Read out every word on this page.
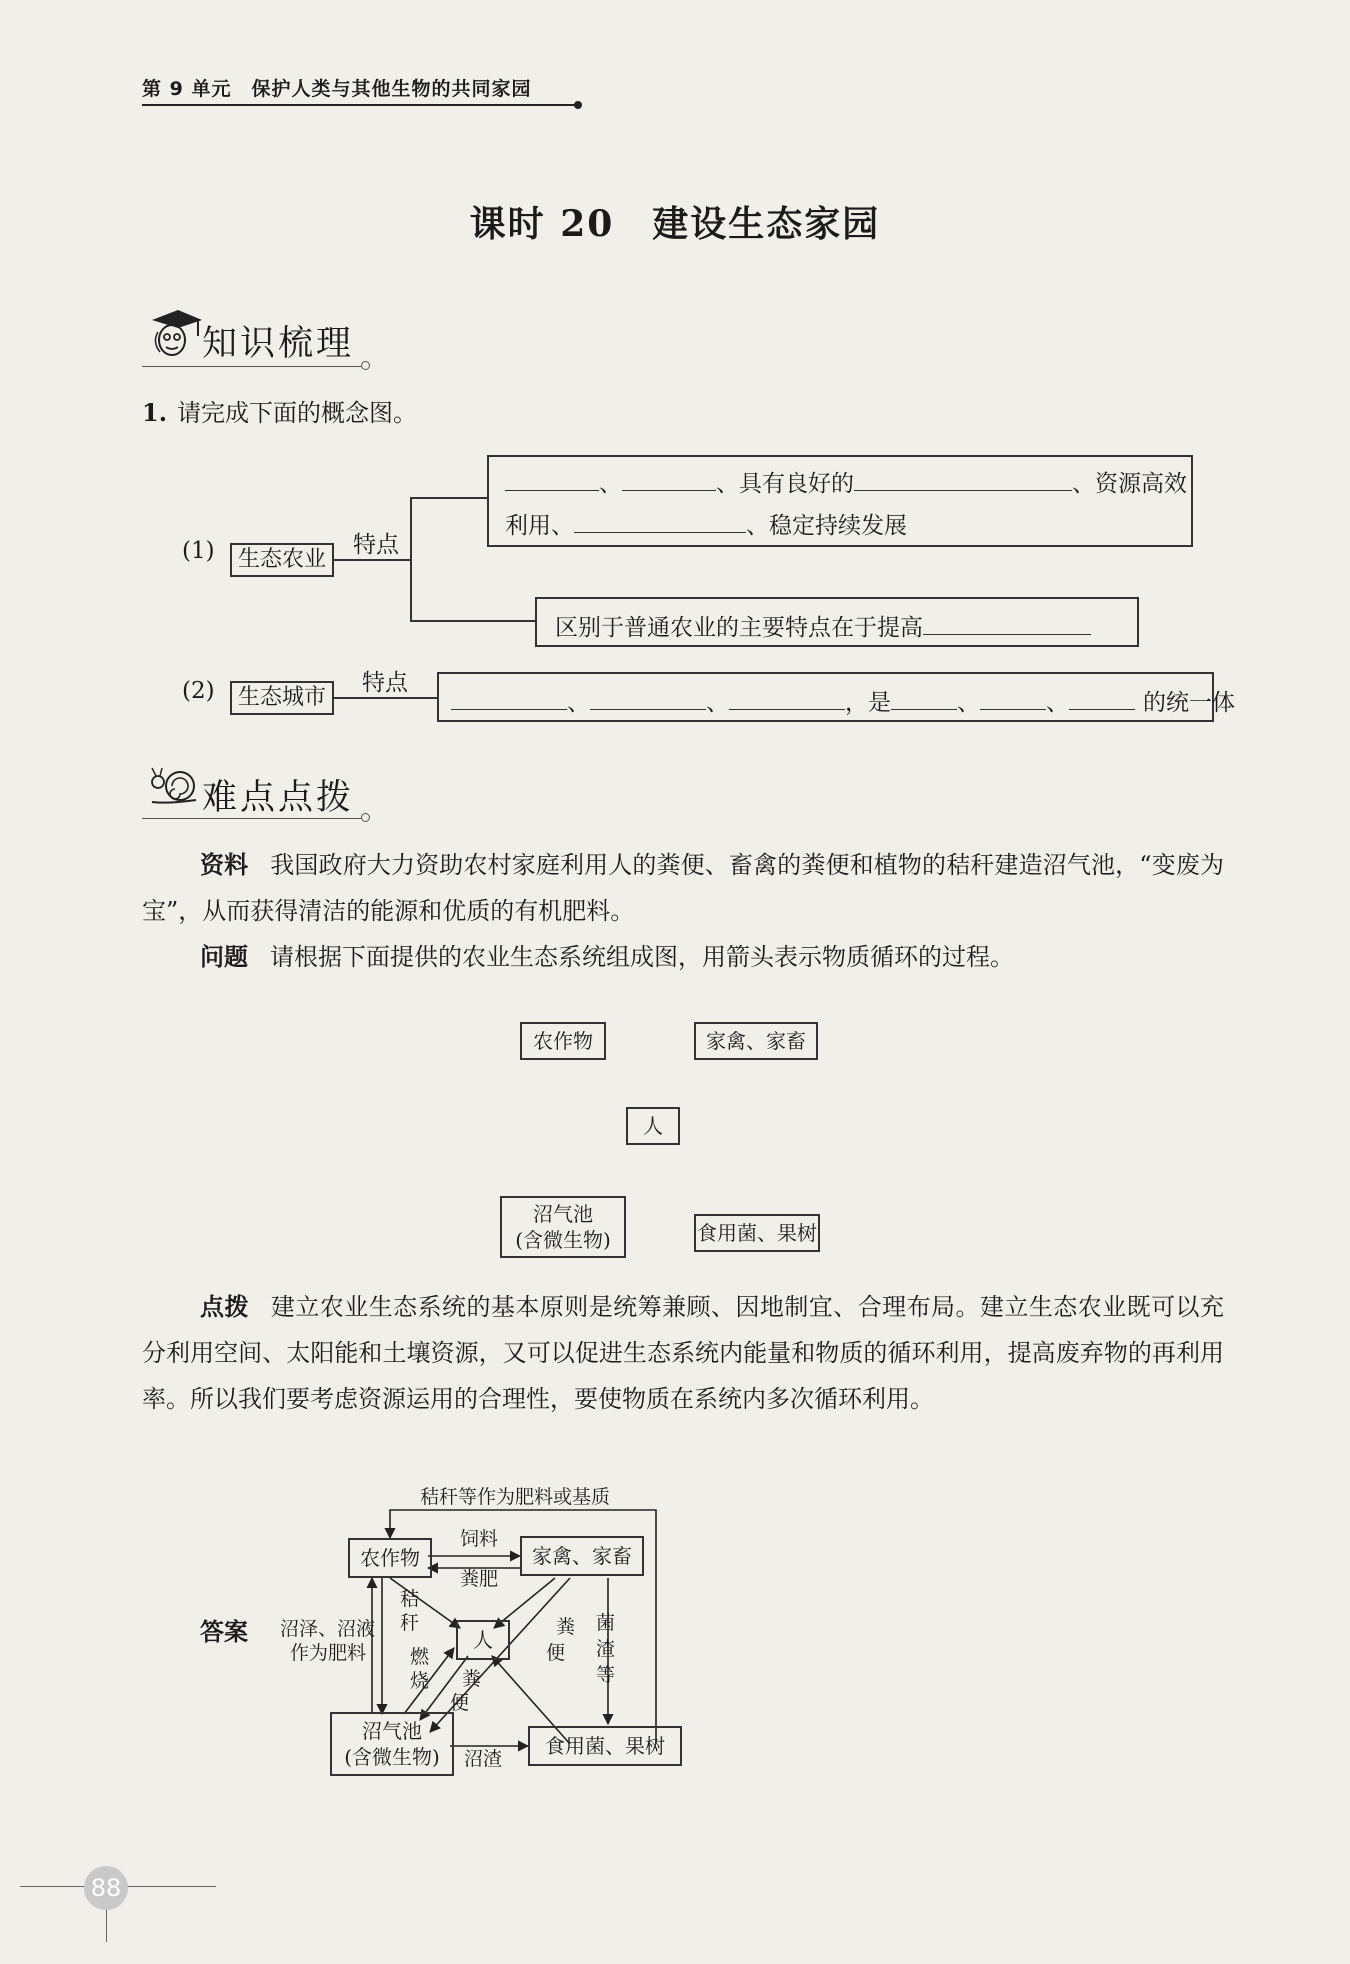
第 9 单元　保护人类与其他生物的共同家园
课时 20　建设生态家园
知识梳理
1. 请完成下面的概念图。
(1)	生态农业
特点
、	、具有良好的	、资源高效
利用、	、稳定持续发展
区别于普通农业的主要特点在于提高
(2)	生态城市
特点
、	、	，是	、	、	的统一体
难点点拨
资料 我国政府大力资助农村家庭利用人的粪便、畜禽的粪便和植物的秸秆建造沼气池，“变废为宝”，从而获得清洁的能源和优质的有机肥料。
问题 请根据下面提供的农业生态系统组成图，用箭头表示物质循环的过程。
农作物	家禽、家畜
人
沼气池
(含微生物)	食用菌、果树
点拨 建立农业生态系统的基本原则是统筹兼顾、因地制宜、合理布局。建立生态农业既可以充分利用空间、太阳能和土壤资源，又可以促进生态系统内能量和物质的循环利用，提高废弃物的再利用率。所以我们要考虑资源运用的合理性，要使物质在系统内多次循环利用。
答案
农作物	家禽、家畜
人
沼气池
(含微生物)	食用菌、果树
秸秆等作为肥料或基质
饲料
粪肥
秸
秆
燃
烧 粪
便
粪
便
菌
渣
等
沼泽、沼液
作为肥料
沼渣
88
